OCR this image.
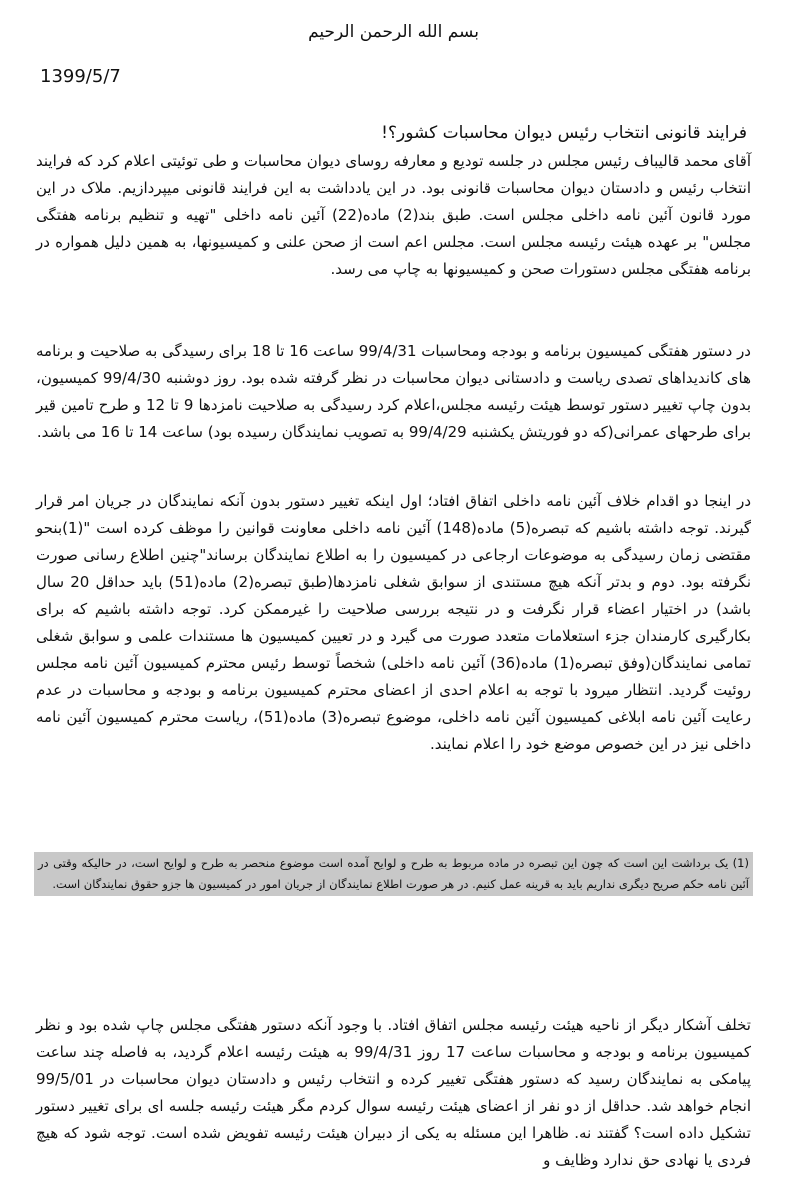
بسم الله الرحمن الرحیم
1399/5/7
فرایند قانونی انتخاب رئیس دیوان محاسبات کشور؟!

آقای محمد قالیباف رئیس مجلس در جلسه تودیع و معارفه روسای دیوان محاسبات و طی توئیتی اعلام کرد که فرایند انتخاب رئیس و دادستان دیوان محاسبات قانونی بود. در این یادداشت به این فرایند قانونی میپردازیم. ملاک در این مورد قانون آئین نامه داخلی مجلس است. طبق بند(2) ماده(22) آئین نامه داخلی "تهیه و تنظیم برنامه هفتگی مجلس" بر عهده هیئت رئیسه مجلس است. مجلس اعم است از صحن علنی و کمیسیونها، به همین دلیل همواره در برنامه هفتگی مجلس دستورات صحن و کمیسیونها به چاپ می رسد.

در دستور هفتگی کمیسیون برنامه و بودجه ومحاسبات 99/4/31 ساعت 16 تا 18 برای رسیدگی به صلاحیت و برنامه های کاندیداهای تصدی ریاست و دادستانی دیوان محاسبات در نظر گرفته شده بود. روز دوشنبه 99/4/30 کمیسیون، بدون چاپ تغییر دستور توسط هیئت رئیسه مجلس،اعلام کرد رسیدگی به صلاحیت نامزدها 9 تا 12 و طرح تامین قیر برای طرحهای عمرانی(که دو فوریتش یکشنبه 99/4/29 به تصویب نمایندگان رسیده بود) ساعت 14 تا 16 می باشد.

در اینجا دو اقدام خلاف آئین نامه داخلی اتفاق افتاد؛ اول اینکه تغییر دستور بدون آنکه نمایندگان در جریان امر قرار گیرند. توجه داشته باشیم که تبصره(5) ماده(148) آئین نامه داخلی معاونت قوانین را موظف کرده است "(1)بنحو مقتضی زمان رسیدگی به موضوعات ارجاعی در کمیسیون را به اطلاع نمایندگان برساند"چنین اطلاع رسانی صورت نگرفته بود. دوم و بدتر آنکه هیچ مستندی از سوابق شغلی نامزدها(طبق تبصره(2) ماده(51) باید حداقل 20 سال باشد) در اختیار اعضاء قرار نگرفت و در نتیجه بررسی صلاحیت را غیرممکن کرد. توجه داشته باشیم که برای بکارگیری کارمندان جزء استعلامات متعدد صورت می گیرد و در تعیین کمیسیون ها مستندات علمی و سوابق شغلی تمامی نمایندگان(وفق تبصره(1) ماده(36) آئین نامه داخلی) شخصاً توسط رئیس محترم کمیسیون آئین نامه مجلس روئیت گردید. انتظار میرود با توجه به اعلام احدی از اعضای محترم کمیسیون برنامه و بودجه و محاسبات در عدم رعایت آئین نامه ابلاغی کمیسیون آئین نامه داخلی، موضوع تبصره(3) ماده(51)، ریاست محترم کمیسیون آئین نامه داخلی نیز در این خصوص موضع خود را اعلام نمایند.

(1) یک برداشت این است که چون این تبصره در ماده مربوط به طرح و لوایح آمده است موضوع منحصر به طرح و لوایح است، در حالیکه وقتی در آئین نامه حکم صریح دیگری نداریم باید به قرینه عمل کنیم. در هر صورت اطلاع نمایندگان از جریان امور در کمیسیون ها جزو حقوق نمایندگان است.

تخلف آشکار دیگر از ناحیه هیئت رئیسه مجلس اتفاق افتاد. با وجود آنکه دستور هفتگی مجلس چاپ شده بود و نظر کمیسیون برنامه و بودجه و محاسبات ساعت 17 روز 99/4/31 به هیئت رئیسه اعلام گردید، به فاصله چند ساعت پیامکی به نمایندگان رسید که دستور هفتگی تغییر کرده و انتخاب رئیس و دادستان دیوان محاسبات در 99/5/01 انجام خواهد شد. حداقل از دو نفر از اعضای هیئت رئیسه سوال کردم مگر هیئت رئیسه جلسه ای برای تغییر دستور تشکیل داده است؟ گفتند نه. ظاهرا این مسئله به یکی از دبیران هیئت رئیسه تفویض شده است. توجه شود که هیچ فردی یا نهادی حق ندارد وظایف و
